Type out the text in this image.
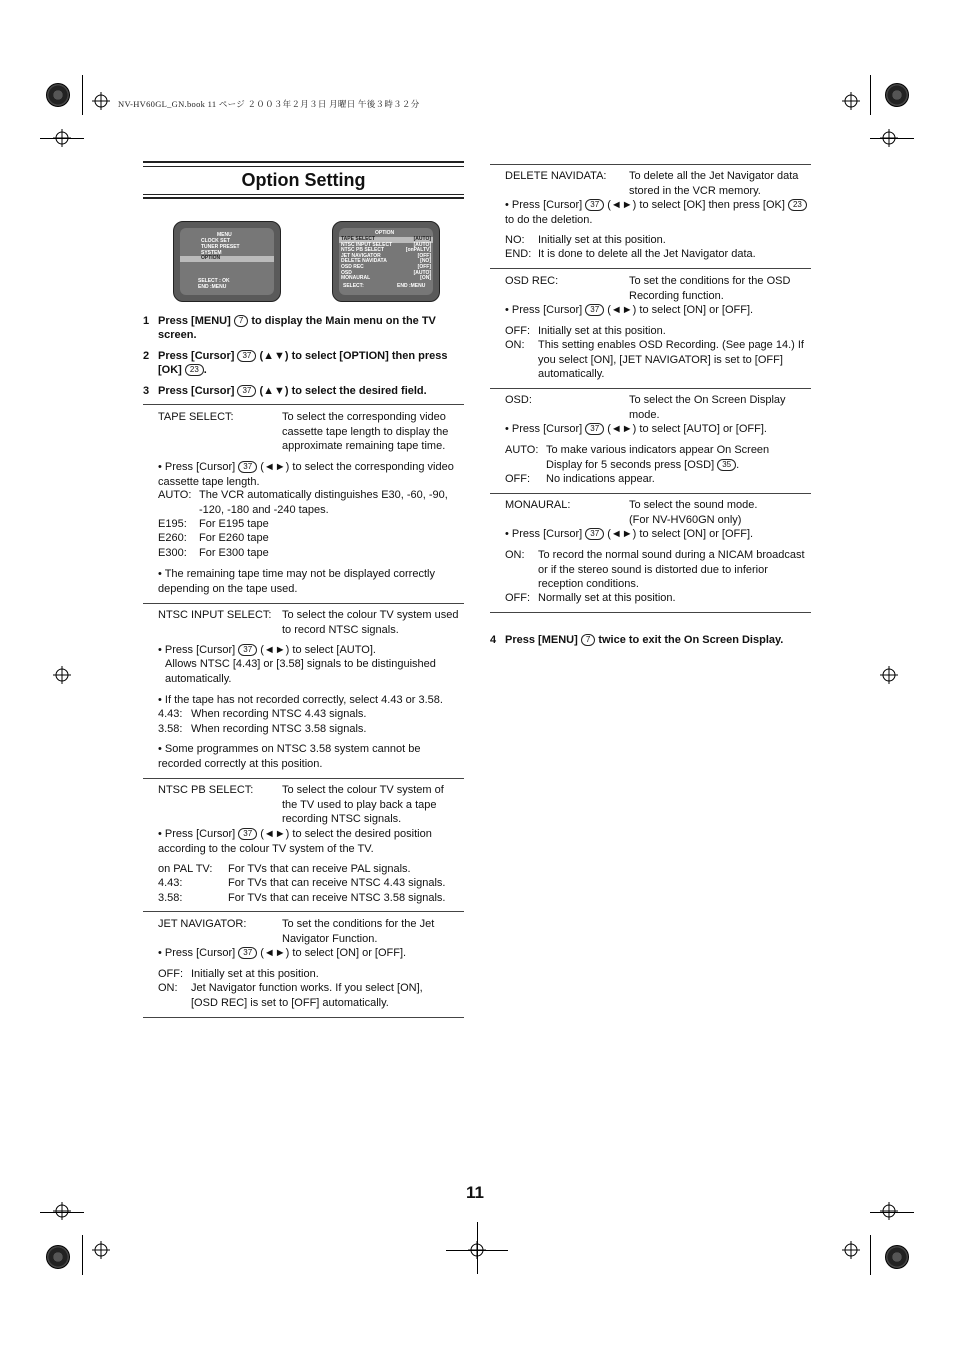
NV-HV60GL_GN.book 11 ページ ２００３年２月３日 月曜日 午後３時３２分
Option Setting
MENU
CLOCK SET
TUNER PRESET
SYSTEM
OPTION
SELECT : OK
END :MENU
OPTION
TAPE SELECT	[AUTO]
NTSC INPUT SELECT	[AUTO]
NTSC PB SELECT	[onPALTV]
JET NAVIGATOR	[OFF]
DELETE NAVIDATA	[NO]
OSD REC	[OFF]
OSD	[AUTO]
MONAURAL	[ON]
SELECT:	END :MENU
1 Press [MENU] 7 to display the Main menu on the TV screen.
2 Press [Cursor] 37 (▲▼) to select [OPTION] then press [OK] 23 .
3 Press [Cursor] 37 (▲▼) to select the desired field.
TAPE SELECT:	To select the corresponding video cassette tape length to display the approximate remaining tape time.
• Press [Cursor] 37 (◄►) to select the corresponding video cassette tape length.
AUTO: The VCR automatically distinguishes E30, -60, -90, -120, -180 and -240 tapes.
E195: For E195 tape
E260: For E260 tape
E300: For E300 tape
• The remaining tape time may not be displayed correctly depending on the tape used.
NTSC INPUT SELECT: To select the colour TV system used to record NTSC signals.
• Press [Cursor] 37 (◄►) to select [AUTO].
Allows NTSC [4.43] or [3.58] signals to be distinguished automatically.
• If the tape has not recorded correctly, select 4.43 or 3.58.
4.43: When recording NTSC 4.43 signals.
3.58: When recording NTSC 3.58 signals.
• Some programmes on NTSC 3.58 system cannot be recorded correctly at this position.
NTSC PB SELECT:	To select the colour TV system of the TV used to play back a tape recording NTSC signals.
• Press [Cursor] 37 (◄►) to select the desired position according to the colour TV system of the TV.
on PAL TV: For TVs that can receive PAL signals.
4.43:	For TVs that can receive NTSC 4.43 signals.
3.58:	For TVs that can receive NTSC 3.58 signals.
JET NAVIGATOR:	To set the conditions for the Jet Navigator Function.
• Press [Cursor] 37 (◄►) to select [ON] or [OFF].
OFF: Initially set at this position.
ON: Jet Navigator function works. If you select [ON], [OSD REC] is set to [OFF] automatically.
DELETE NAVIDATA: To delete all the Jet Navigator data stored in the VCR memory.
• Press [Cursor] 37 (◄►) to select [OK] then press [OK] 23 to do the deletion.
NO: Initially set at this position.
END: It is done to delete all the Jet Navigator data.
OSD REC:	To set the conditions for the OSD Recording function.
• Press [Cursor] 37 (◄►) to select [ON] or [OFF].
OFF: Initially set at this position.
ON: This setting enables OSD Recording. (See page 14.) If you select [ON], [JET NAVIGATOR] is set to [OFF] automatically.
OSD:	To select the On Screen Display mode.
• Press [Cursor] 37 (◄►) to select [AUTO] or [OFF].
AUTO: To make various indicators appear On Screen Display for 5 seconds press [OSD] 35 .
OFF: No indications appear.
MONAURAL:	To select the sound mode.
(For NV-HV60GN only)
• Press [Cursor] 37 (◄►) to select [ON] or [OFF].
ON: To record the normal sound during a NICAM broadcast or if the stereo sound is distorted due to inferior reception conditions.
OFF: Normally set at this position.
4 Press [MENU] 7 twice to exit the On Screen Display.
11
